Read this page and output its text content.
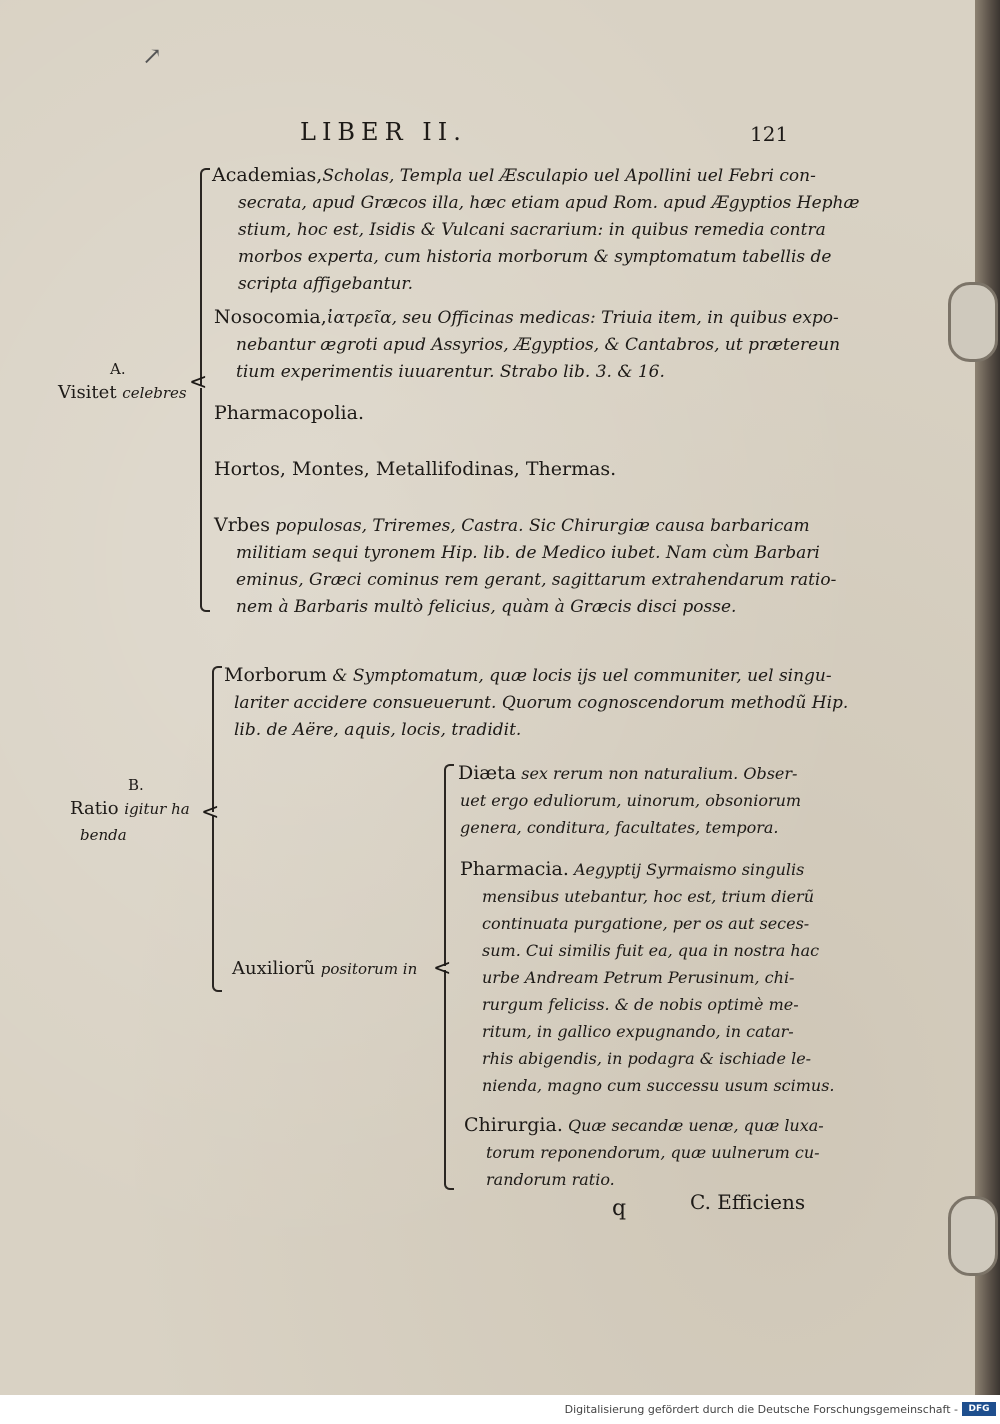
↗
LIBER II.	121
A.
Visitet celebres <
Academias,Scholas, Templa uel Æsculapio uel Apollini uel Febri con-
secrata, apud Græcos illa, hæc etiam apud Rom. apud Ægyptios Hephæ
stium, hoc est, Isidis & Vulcani sacrarium: in quibus remedia contra
morbos experta, cum historia morborum & symptomatum tabellis de
scripta affigebantur.
Nosocomia,ἰατρεῖα, seu Officinas medicas: Triuia item, in quibus expo-
nebantur ægroti apud Assyrios, Ægyptios, & Cantabros, ut prætereun
tium experimentis iuuarentur. Strabo lib. 3. & 16.
Pharmacopolia.
Hortos, Montes, Metallifodinas, Thermas.
Vrbes populosas, Triremes, Castra. Sic Chirurgiæ causa barbaricam
militiam sequi tyronem Hip. lib. de Medico iubet. Nam cùm Barbari
eminus, Græci cominus rem gerant, sagittarum extrahendarum ratio-
nem à Barbaris multò felicius, quàm à Græcis disci posse.
B.
Ratio igitur ha
benda
<
Morborum & Symptomatum, quæ locis ijs uel communiter, uel singu-
lariter accidere consueuerunt. Quorum cognoscendorum methodũ Hip.
lib. de Aëre, aquis, locis, tradidit.
Auxiliorũ positorum in <
Diæta sex rerum non naturalium. Obser-
uet ergo eduliorum, uinorum, obsoniorum
genera, conditura, facultates, tempora.
Pharmacia. Aegyptij Syrmaismo singulis
mensibus utebantur, hoc est, trium dierũ
continuata purgatione, per os aut seces-
sum. Cui similis fuit ea, qua in nostra hac
urbe Andream Petrum Perusinum, chi-
rurgum feliciss. & de nobis optimè me-
ritum, in gallico expugnando, in catar-
rhis abigendis, in podagra & ischiade le-
nienda, magno cum successu usum scimus.
Chirurgia. Quæ secandæ uenæ, quæ luxa-
torum reponendorum, quæ uulnerum cu-
randorum ratio.
q	C. Efficiens
Digitalisierung gefördert durch die Deutsche Forschungsgemeinschaft -	DFG
